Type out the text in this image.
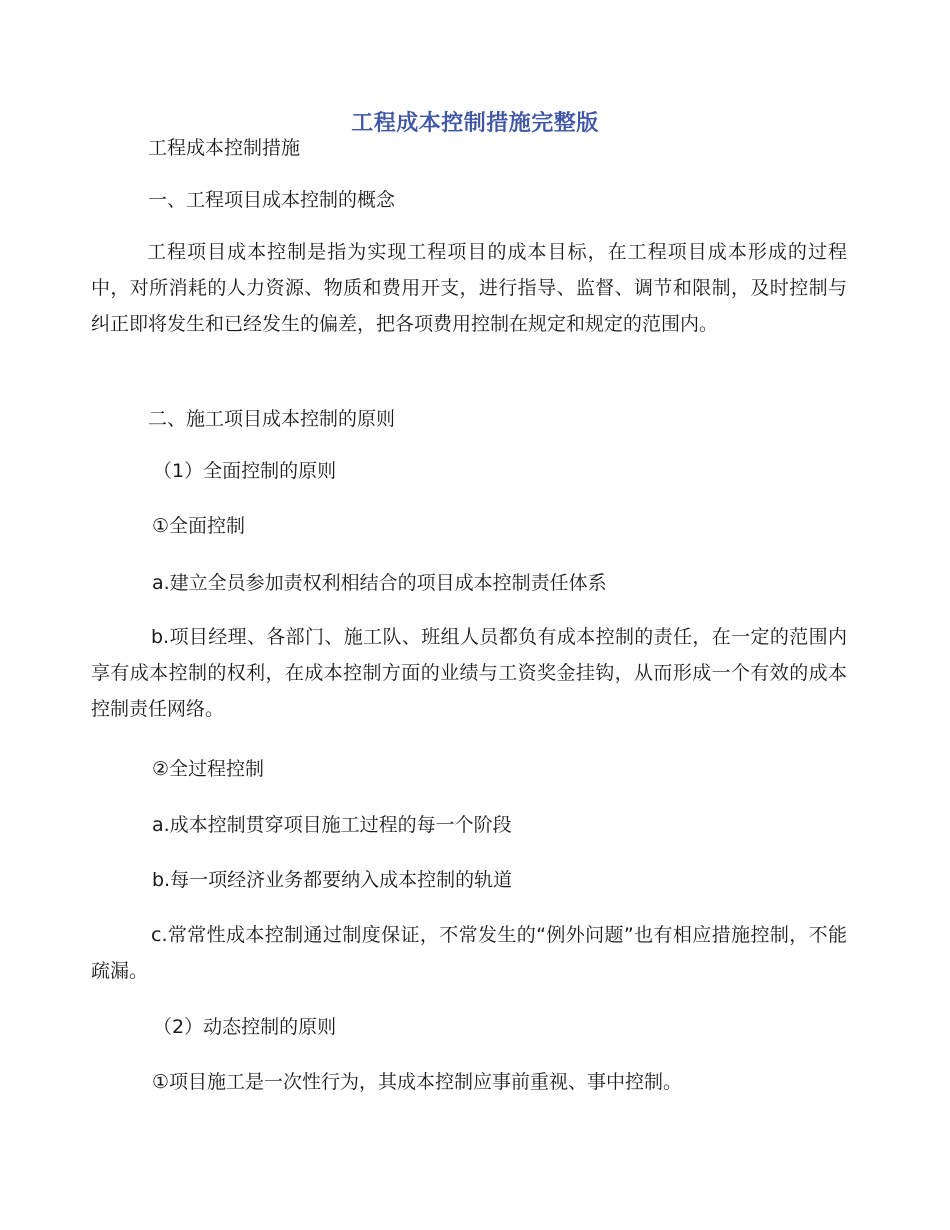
工程成本控制措施完整版
工程成本控制措施
一、工程项目成本控制的概念
工程项目成本控制是指为实现工程项目的成本目标，在工程项目成本形成的过程中，对所消耗的人力资源、物质和费用开支，进行指导、监督、调节和限制，及时控制与纠正即将发生和已经发生的偏差，把各项费用控制在规定和规定的范围内。
二、施工项目成本控制的原则
（1）全面控制的原则
①全面控制
a.建立全员参加责权利相结合的项目成本控制责任体系
b.项目经理、各部门、施工队、班组人员都负有成本控制的责任，在一定的范围内享有成本控制的权利，在成本控制方面的业绩与工资奖金挂钩，从而形成一个有效的成本控制责任网络。
②全过程控制
a.成本控制贯穿项目施工过程的每一个阶段
b.每一项经济业务都要纳入成本控制的轨道
c.常常性成本控制通过制度保证，不常发生的“例外问题”也有相应措施控制，不能疏漏。
（2）动态控制的原则
①项目施工是一次性行为，其成本控制应事前重视、事中控制。
